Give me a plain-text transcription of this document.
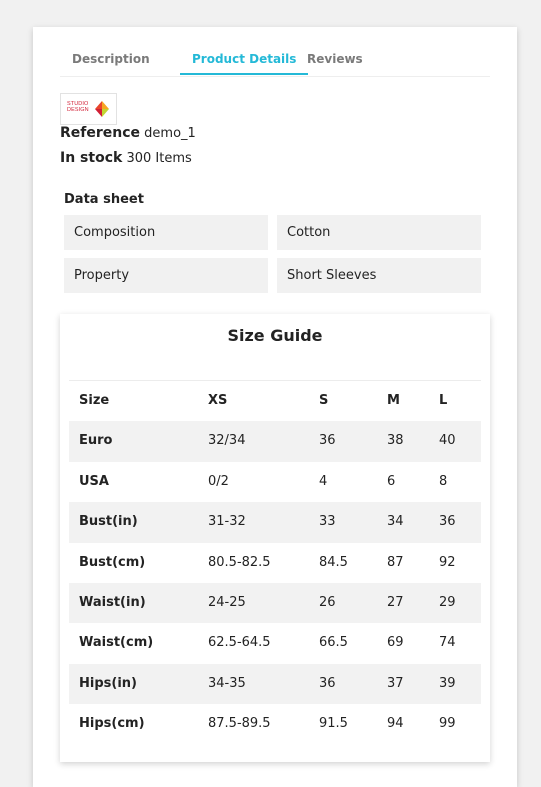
Description	Product Details Reviews
STUDIO
DESIGN
Reference demo_1
In stock 300 Items
Data sheet
Composition	Cotton
Property	Short Sleeves
Size Guide
Size	XS	S	M	L
Euro	32/34	36	38	40
USA	0/2	4	6	8
Bust(in)	31-32	33	34	36
Bust(cm)	80.5-82.5	84.5	87	92
Waist(in)	24-25	26	27	29
Waist(cm)	62.5-64.5	66.5	69	74
Hips(in)	34-35	36	37	39
Hips(cm)	87.5-89.5	91.5	94	99
